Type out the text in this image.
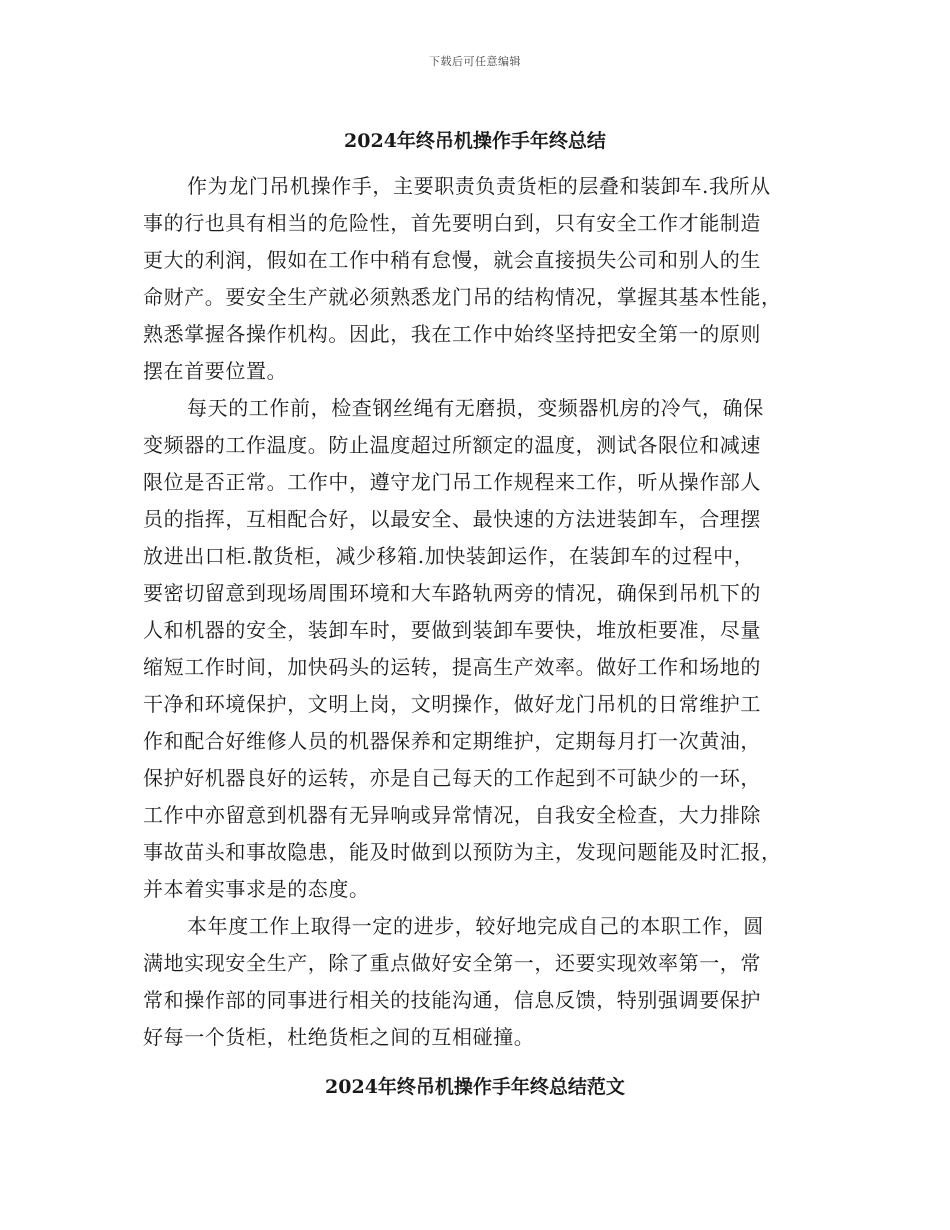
下载后可任意编辑
2024年终吊机操作手年终总结
作为龙门吊机操作手，主要职责负责货柜的层叠和装卸车.我所从
事的行也具有相当的危险性，首先要明白到，只有安全工作才能制造
更大的利润，假如在工作中稍有怠慢，就会直接损失公司和别人的生
命财产。要安全生产就必须熟悉龙门吊的结构情况，掌握其基本性能，
熟悉掌握各操作机构。因此，我在工作中始终坚持把安全第一的原则
摆在首要位置。
每天的工作前，检查钢丝绳有无磨损，变频器机房的冷气，确保
变频器的工作温度。防止温度超过所额定的温度，测试各限位和减速
限位是否正常。工作中，遵守龙门吊工作规程来工作，听从操作部人
员的指挥，互相配合好，以最安全、最快速的方法进装卸车，合理摆
放进出口柜.散货柜，减少移箱.加快装卸运作，在装卸车的过程中，
要密切留意到现场周围环境和大车路轨两旁的情况，确保到吊机下的
人和机器的安全，装卸车时，要做到装卸车要快，堆放柜要准，尽量
缩短工作时间，加快码头的运转，提高生产效率。做好工作和场地的
干净和环境保护，文明上岗，文明操作，做好龙门吊机的日常维护工
作和配合好维修人员的机器保养和定期维护，定期每月打一次黄油，
保护好机器良好的运转，亦是自己每天的工作起到不可缺少的一环，
工作中亦留意到机器有无异响或异常情况，自我安全检查，大力排除
事故苗头和事故隐患，能及时做到以预防为主，发现问题能及时汇报，
并本着实事求是的态度。
本年度工作上取得一定的进步，较好地完成自己的本职工作，圆
满地实现安全生产，除了重点做好安全第一，还要实现效率第一，常
常和操作部的同事进行相关的技能沟通，信息反馈，特别强调要保护
好每一个货柜，杜绝货柜之间的互相碰撞。
2024年终吊机操作手年终总结范文
